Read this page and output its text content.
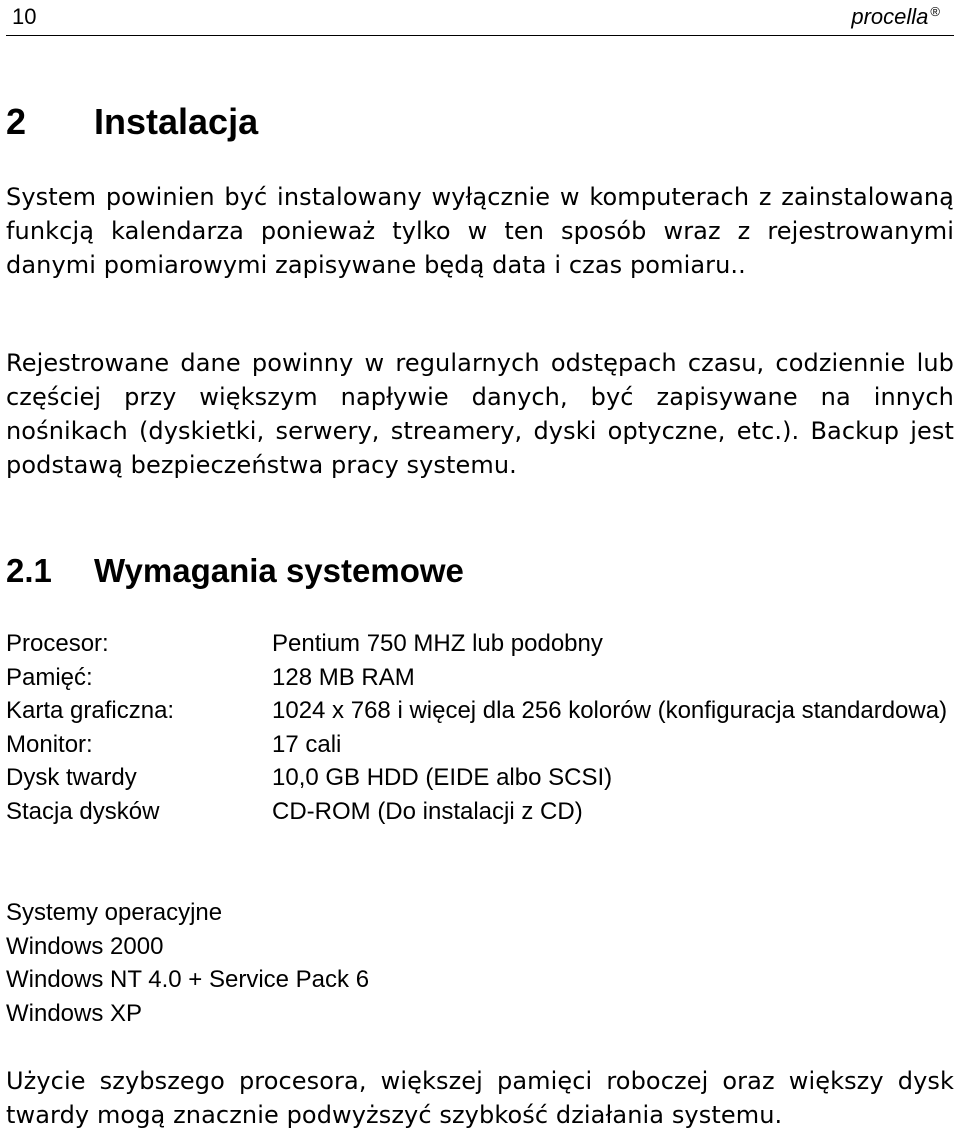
10	procella ®
2 Instalacja

System powinien być instalowany wyłącznie w komputerach z zainstalowaną funkcją kalendarza ponieważ tylko w ten sposób wraz z rejestrowanymi danymi pomiarowymi zapisywane będą data i czas pomiaru..

Rejestrowane dane powinny w regularnych odstępach czasu, codziennie lub częściej przy większym napływie danych, być zapisywane na innych nośnikach (dyskietki, serwery, streamery, dyski optyczne, etc.). Backup jest podstawą bezpieczeństwa pracy systemu.

2.1 Wymagania systemowe
Procesor:	Pentium 750 MHZ lub podobny
Pamięć:	128 MB RAM
Karta graficzna:	1024 x 768 i więcej dla 256 kolorów (konfiguracja standardowa)
Monitor:	17 cali
Dysk twardy	10,0 GB HDD (EIDE albo SCSI)
Stacja dysków	CD-ROM (Do instalacji z CD)
Systemy operacyjne
Windows 2000
Windows NT 4.0 + Service Pack 6
Windows XP

Użycie szybszego procesora, większej pamięci roboczej oraz większy dysk twardy mogą znacznie podwyższyć szybkość działania systemu.
